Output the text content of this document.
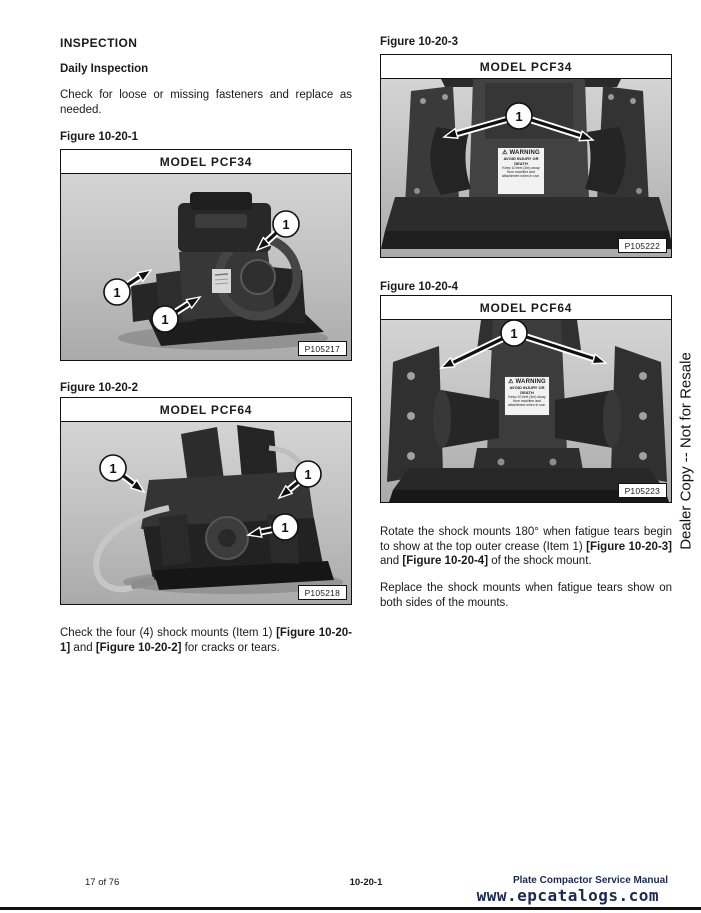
INSPECTION
Daily Inspection

Check for loose or missing fasteners and replace as needed.

Figure 10-20-1
MODEL PCF34
1
1
1
P105217
Figure 10-20-2
MODEL PCF64
1	1
1
P105218

Check the four (4) shock mounts (Item 1) [Figure 10-20-1] and [Figure 10-20-2] for cracks or tears.

Figure 10-20-3
MODEL PCF34
1
⚠ WARNING
AVOID INJURY OR DEATH
Keep 10 feet (3m) away from machine and attachment when in use.
P105222
Figure 10-20-4
MODEL PCF64
1
⚠ WARNING
AVOID INJURY OR DEATH
Keep 10 feet (3m) away from machine and attachment when in use.
P105223

Rotate the shock mounts 180° when fatigue tears begin to show at the top outer crease (Item 1) [Figure 10-20-3] and [Figure 10-20-4] of the shock mount.

Replace the shock mounts when fatigue tears show on both sides of the mounts.

Dealer Copy -- Not for Resale
17 of 76	10-20-1	Plate Compactor Service Manual
www.epcatalogs.com
